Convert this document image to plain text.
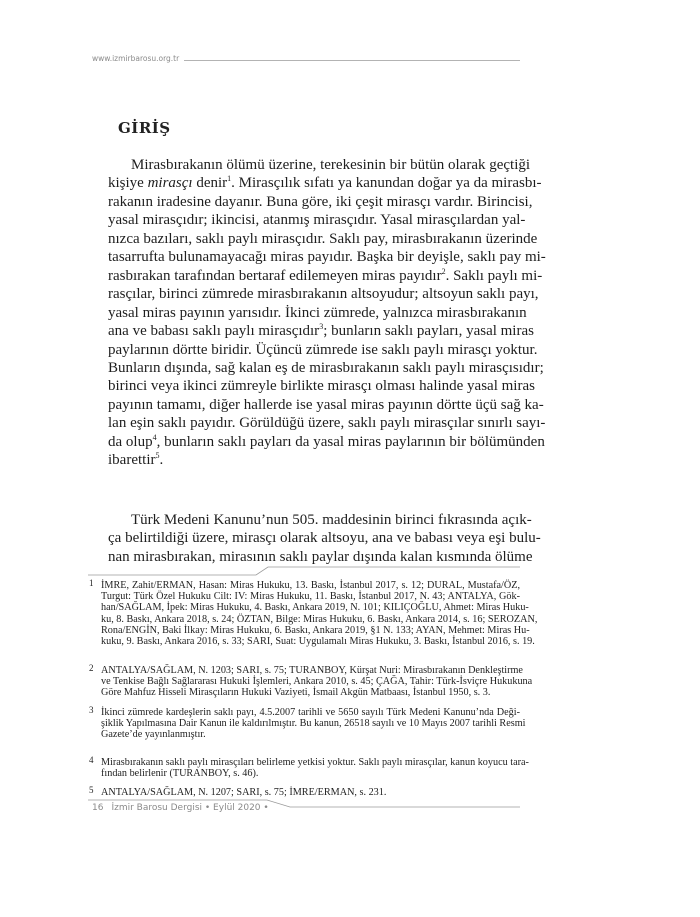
www.izmirbarosu.org.tr
GİRİŞ
Mirasbırakanın ölümü üzerine, terekesinin bir bütün olarak geçtiği
kişiye mirasçı denir$^1$. Mirasçılık sıfatı ya kanundan doğar ya da mirasbı-
rakanın iradesine dayanır. Buna göre, iki çeşit mirasçı vardır. Birincisi,
yasal mirasçıdır; ikincisi, atanmış mirasçıdır. Yasal mirasçılardan yal-
nızca bazıları, saklı paylı mirasçıdır. Saklı pay, mirasbırakanın üzerinde
tasarrufta bulunamayacağı miras payıdır. Başka bir deyişle, saklı pay mi-
rasbırakan tarafından bertaraf edilemeyen miras payıdır$^2$. Saklı paylı mi-
rasçılar, birinci zümrede mirasbırakanın altsoyudur; altsoyun saklı payı,
yasal miras payının yarısıdır. İkinci zümrede, yalnızca mirasbırakanın
ana ve babası saklı paylı mirasçıdır$^3$; bunların saklı payları, yasal miras
paylarının dörtte biridir. Üçüncü zümrede ise saklı paylı mirasçı yoktur.
Bunların dışında, sağ kalan eş de mirasbırakanın saklı paylı mirasçısıdır;
birinci veya ikinci zümreyle birlikte mirasçı olması halinde yasal miras
payının tamamı, diğer hallerde ise yasal miras payının dörtte üçü sağ ka-
lan eşin saklı payıdır. Görüldüğü üzere, saklı paylı mirasçılar sınırlı sayı-
da olup$^4$, bunların saklı payları da yasal miras paylarının bir bölümünden
ibarettir$^5$.
Türk Medeni Kanunu’nun 505. maddesinin birinci fıkrasında açık-
ça belirtildiği üzere, mirasçı olarak altsoyu, ana ve babası veya eşi bulu-
nan mirasbırakan, mirasının saklı paylar dışında kalan kısmında ölüme
1 İMRE, Zahit/ERMAN, Hasan: Miras Hukuku, 13. Baskı, İstanbul 2017, s. 12; DURAL, Mustafa/ÖZ,
Turgut: Türk Özel Hukuku Cilt: IV: Miras Hukuku, 11. Baskı, İstanbul 2017, N. 43; ANTALYA, Gök-
han/SAĞLAM, İpek: Miras Hukuku, 4. Baskı, Ankara 2019, N. 101; KILIÇOĞLU, Ahmet: Miras Huku-
ku, 8. Baskı, Ankara 2018, s. 24; ÖZTAN, Bilge: Miras Hukuku, 6. Baskı, Ankara 2014, s. 16; SEROZAN,
Rona/ENGİN, Baki İlkay: Miras Hukuku, 6. Baskı, Ankara 2019, §1 N. 133; AYAN, Mehmet: Miras Hu-
kuku, 9. Baskı, Ankara 2016, s. 33; SARI, Suat: Uygulamalı Miras Hukuku, 3. Baskı, İstanbul 2016, s. 19.
2 ANTALYA/SAĞLAM, N. 1203; SARI, s. 75; TURANBOY, Kürşat Nuri: Mirasbırakanın Denkleştirme
ve Tenkise Bağlı Sağlararası Hukuki İşlemleri, Ankara 2010, s. 45; ÇAĞA, Tahir: Türk-İsviçre Hukukuna
Göre Mahfuz Hisseli Mirasçıların Hukuki Vaziyeti, İsmail Akgün Matbaası, İstanbul 1950, s. 3.
3 İkinci zümrede kardeşlerin saklı payı, 4.5.2007 tarihli ve 5650 sayılı Türk Medeni Kanunu’nda Deği-
şiklik Yapılmasına Dair Kanun ile kaldırılmıştır. Bu kanun, 26518 sayılı ve 10 Mayıs 2007 tarihli Resmi
Gazete’de yayınlanmıştır.
4 Mirasbırakanın saklı paylı mirasçıları belirleme yetkisi yoktur. Saklı paylı mirasçılar, kanun koyucu tara-
fından belirlenir (TURANBOY, s. 46).
5 ANTALYA/SAĞLAM, N. 1207; SARI, s. 75; İMRE/ERMAN, s. 231.
16 İzmir Barosu Dergisi • Eylül 2020 •
